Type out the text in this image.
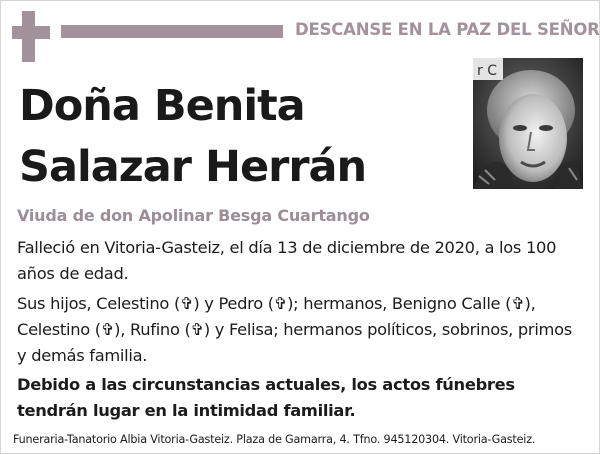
DESCANSE EN LA PAZ DEL SEÑOR
Doña Benita
Salazar Herrán
r C
Viuda de don Apolinar Besga Cuartango
Falleció en Vitoria-Gasteiz, el día 13 de diciembre de 2020, a los 100 años de edad.
Sus hijos, Celestino (✞) y Pedro (✞); hermanos, Benigno Calle (✞), Celestino (✞), Rufino (✞) y Felisa; hermanos políticos, sobrinos, primos y demás familia.
Debido a las circunstancias actuales, los actos fúnebres tendrán lugar en la intimidad familiar.
Funeraria-Tanatorio Albia Vitoria-Gasteiz. Plaza de Gamarra, 4. Tfno. 945120304. Vitoria-Gasteiz.
